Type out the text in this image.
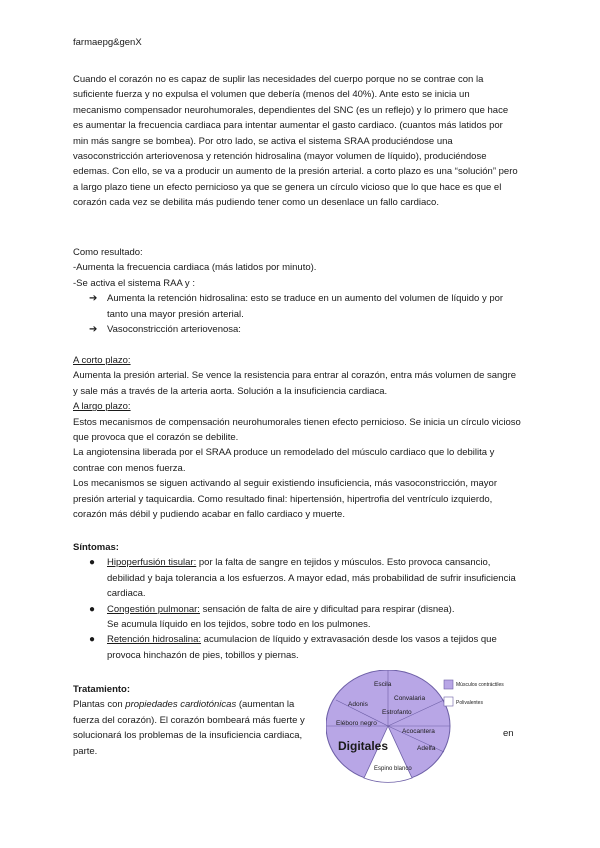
farmaepg&genX
Cuando el corazón no es capaz de suplir las necesidades del cuerpo porque no se contrae con la suficiente fuerza y no expulsa el volumen que debería (menos del 40%). Ante esto se inicia un mecanismo compensador neurohumorales, dependientes del SNC (es un reflejo) y lo primero que hace es aumentar la frecuencia cardiaca para intentar aumentar el gasto cardiaco. (cuantos más latidos por min más sangre se bombea). Por otro lado, se activa el sistema SRAA produciéndose una vasoconstricción arteriovenosa y retención hidrosalina (mayor volumen de líquido), produciéndose edemas. Con ello, se va a producir un aumento de la presión arterial. a corto plazo es una “solución” pero a largo plazo tiene un efecto pernicioso ya que se genera un círculo vicioso que lo que hace es que el corazón cada vez se debilita más pudiendo tener como un desenlace un fallo cardiaco.
Como resultado:
-Aumenta la frecuencia cardiaca (más latidos por minuto).
-Se activa el sistema RAA y :
➔ Aumenta la retención hidrosalina: esto se traduce en un aumento del volumen de líquido y por tanto una mayor presión arterial.
➔ Vasoconstricción arteriovenosa:
A corto plazo:
Aumenta la presión arterial. Se vence la resistencia para entrar al corazón, entra más volumen de sangre y sale más a través de la arteria aorta. Solución a la insuficiencia cardiaca.
A largo plazo:
Estos mecanismos de compensación neurohumorales tienen efecto pernicioso. Se inicia un círculo vicioso que provoca que el corazón se debilite.
La angiotensina liberada por el SRAA produce un remodelado del músculo cardiaco que lo debilita y contrae con menos fuerza.
Los mecanismos se siguen activando al seguir existiendo insuficiencia, más vasoconstricción, mayor presión arterial y taquicardia. Como resultado final: hipertensión, hipertrofia del ventrículo izquierdo, corazón más débil y pudiendo acabar en fallo cardiaco y muerte.
Síntomas:
● Hipoperfusión tisular: por la falta de sangre en tejidos y músculos. Esto provoca cansancio, debilidad y baja tolerancia a los esfuerzos. A mayor edad, más probabilidad de sufrir insuficiencia cardiaca.
● Congestión pulmonar: sensación de falta de aire y dificultad para respirar (disnea).
Se acumula líquido en los tejidos, sobre todo en los pulmones.
● Retención hidrosalina: acumulacion de líquido y extravasación desde los vasos a tejidos que provoca hinchazón de pies, tobillos y piernas.
Tratamiento:
Plantas con propiedades cardiotónicas (aumentan la fuerza del corazón). El corazón bombeará más fuerte y solucionará los problemas de la insuficiencia cardiaca,
parte.
en
Escila
Convalaria
Adonis
Estrofanto
Eléboro negro
Acocantera
Adelfa
Espino blanco
Digitales
Músculos contráctiles
Polivalentes
